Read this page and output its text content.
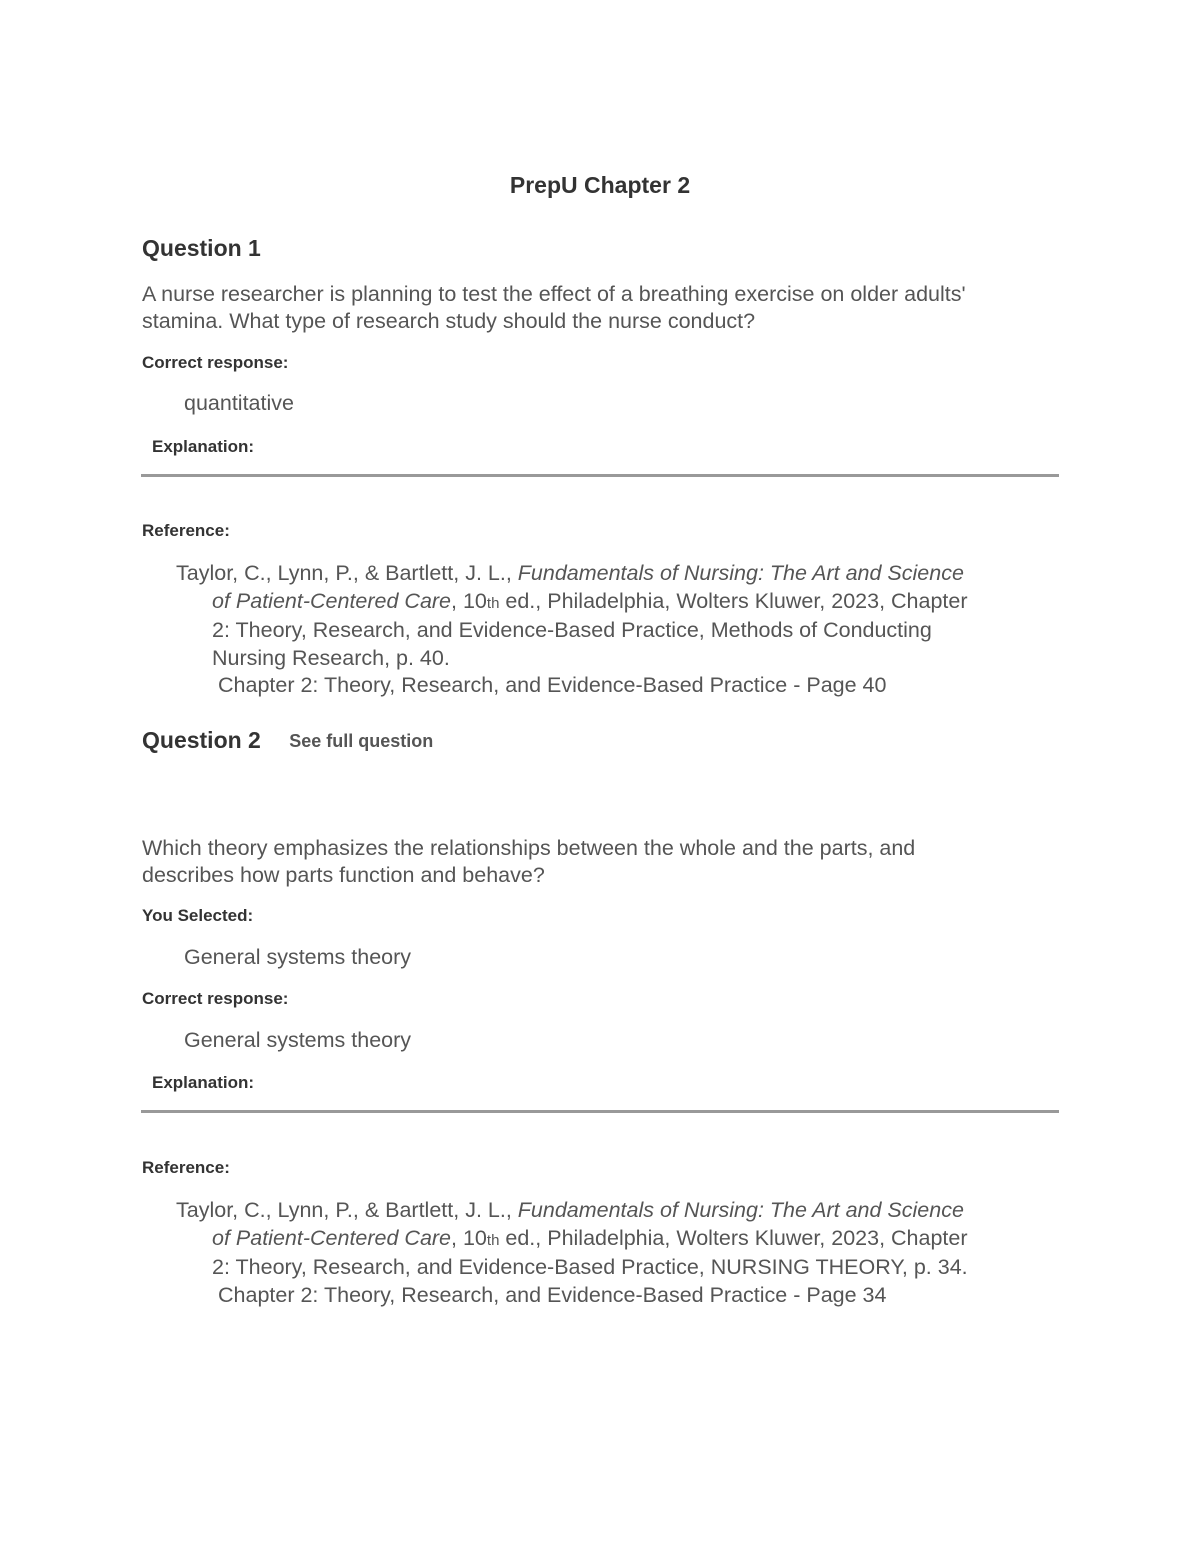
PrepU Chapter 2
Question 1
A nurse researcher is planning to test the effect of a breathing exercise on older adults'
stamina. What type of research study should the nurse conduct?
Correct response:
quantitative
Explanation:
Reference:
Taylor, C., Lynn, P., & Bartlett, J. L., Fundamentals of Nursing: The Art and Science
of Patient-Centered Care, 10th ed., Philadelphia, Wolters Kluwer, 2023, Chapter
2: Theory, Research, and Evidence-Based Practice, Methods of Conducting
Nursing Research, p. 40.
Chapter 2: Theory, Research, and Evidence-Based Practice - Page 40
Question 2 See full question
Which theory emphasizes the relationships between the whole and the parts, and
describes how parts function and behave?
You Selected:
General systems theory
Correct response:
General systems theory
Explanation:
Reference:
Taylor, C., Lynn, P., & Bartlett, J. L., Fundamentals of Nursing: The Art and Science
of Patient-Centered Care, 10th ed., Philadelphia, Wolters Kluwer, 2023, Chapter
2: Theory, Research, and Evidence-Based Practice, NURSING THEORY, p. 34.
Chapter 2: Theory, Research, and Evidence-Based Practice - Page 34
